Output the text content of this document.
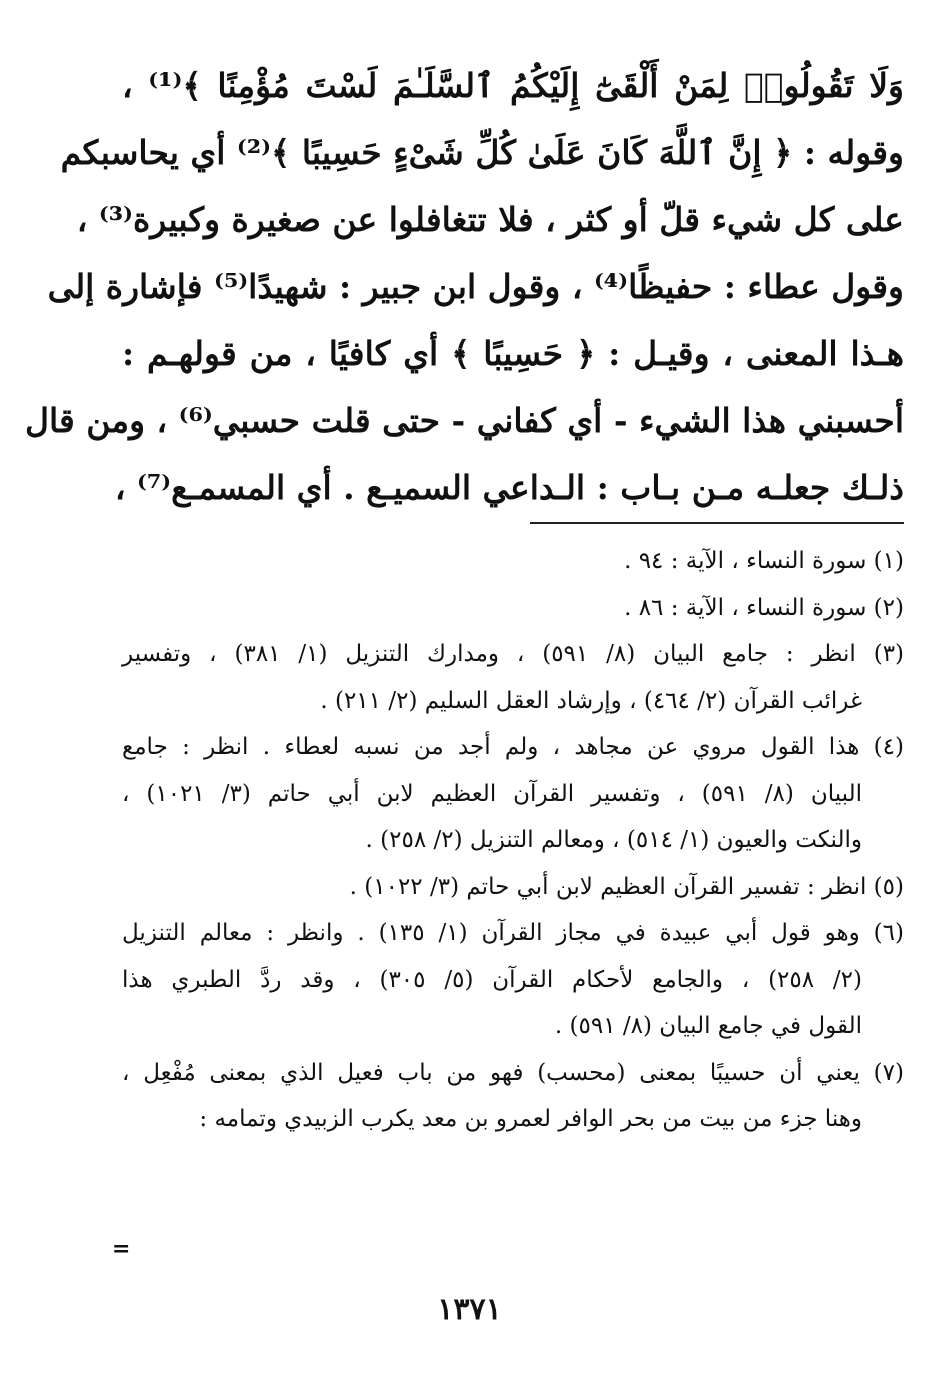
وَلَا تَقُولُوا۟ لِمَنْ أَلْقَىٰٓ إِلَيْكُمُ ٱلسَّلَـٰمَ لَسْتَ مُؤْمِنًا ﴾⁽¹⁾ ،
وقوله : ﴿ إِنَّ ٱللَّهَ كَانَ عَلَىٰ كُلِّ شَىْءٍ حَسِيبًا ﴾⁽²⁾ أي يحاسبكم
على كل شيء قلّ أو كثر ، فلا تتغافلوا عن صغيرة وكبيرة⁽³⁾ ،
وقول عطاء : حفيظًا⁽⁴⁾ ، وقول ابن جبير : شهيدًا⁽⁵⁾ فإشارة إلى
هـذا المعنى ، وقيـل : ﴿ حَسِيبًا ﴾ أي كافيًا ، من قولهـم :
أحسبني هذا الشيء - أي كفاني - حتى قلت حسبي⁽⁶⁾ ، ومن قال
ذلـك جعلـه مـن بـاب : الـداعي السميـع . أي المسمـع⁽⁷⁾ ،
(١) سورة النساء ، الآية : ٩٤ .
(٢) سورة النساء ، الآية : ٨٦ .
(٣) انظر : جامع البيان (٨/ ٥٩١) ، ومدارك التنزيل (١/ ٣٨١) ، وتفسير
غرائب القرآن (٢/ ٤٦٤) ، وإرشاد العقل السليم (٢/ ٢١١) .
(٤) هذا القول مروي عن مجاهد ، ولم أجد من نسبه لعطاء . انظر : جامع
البيان (٨/ ٥٩١) ، وتفسير القرآن العظيم لابن أبي حاتم (٣/ ١٠٢١) ،
والنكت والعيون (١/ ٥١٤) ، ومعالم التنزيل (٢/ ٢٥٨) .
(٥) انظر : تفسير القرآن العظيم لابن أبي حاتم (٣/ ١٠٢٢) .
(٦) وهو قول أبي عبيدة في مجاز القرآن (١/ ١٣٥) . وانظر : معالم التنزيل
(٢/ ٢٥٨) ، والجامع لأحكام القرآن (٥/ ٣٠٥) ، وقد ردَّ الطبري هذا
القول في جامع البيان (٨/ ٥٩١) .
(٧) يعني أن حسيبًا بمعنى (محسب) فهو من باب فعيل الذي بمعنى مُفْعِل ،
وهنا جزء من بيت من بحر الوافر لعمرو بن معد يكرب الزبيدي وتمامه :
=
١٣٧١
